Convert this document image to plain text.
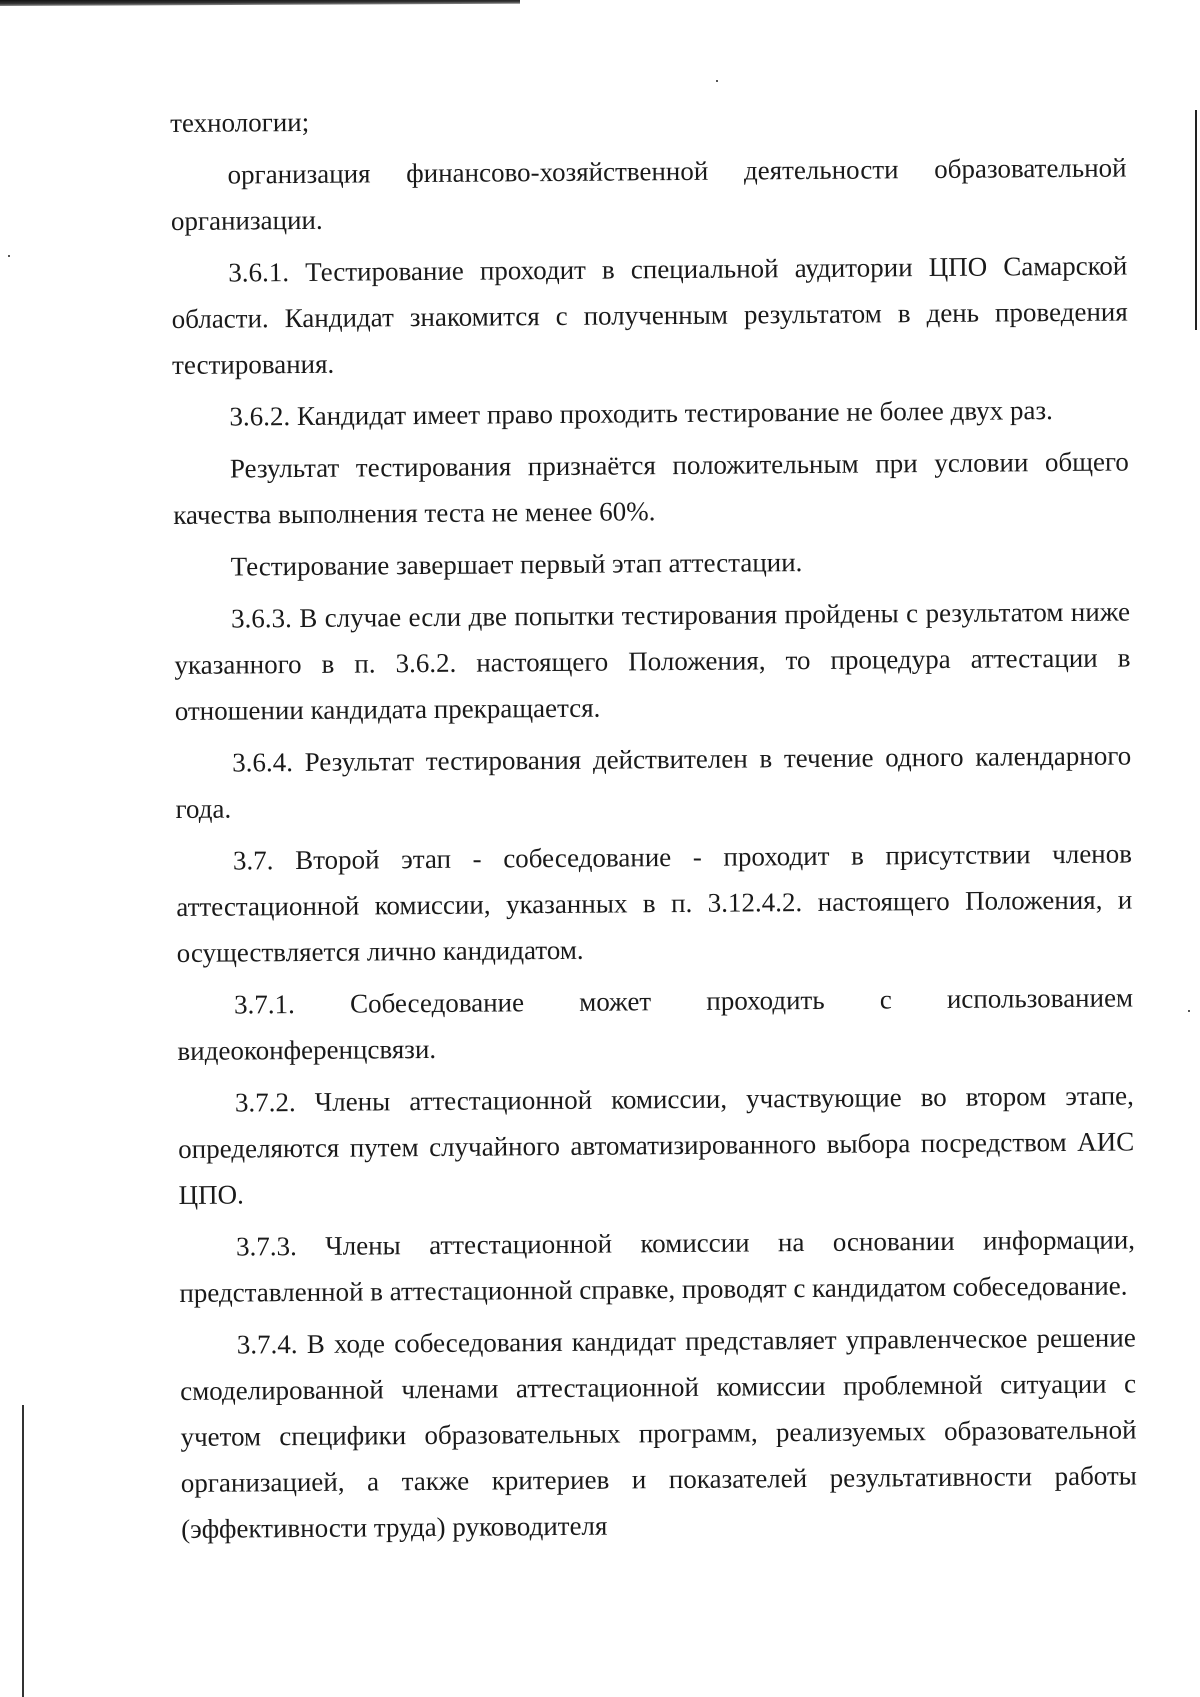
технологии;

организация финансово-хозяйственной деятельности образовательной организации.

3.6.1. Тестирование проходит в специальной аудитории ЦПО Самарской области. Кандидат знакомится с полученным результатом в день проведения тестирования.

3.6.2. Кандидат имеет право проходить тестирование не более двух раз.

Результат тестирования признаётся положительным при условии общего качества выполнения теста не менее 60%.

Тестирование завершает первый этап аттестации.

3.6.3. В случае если две попытки тестирования пройдены с результатом ниже указанного в п. 3.6.2. настоящего Положения, то процедура аттестации в отношении кандидата прекращается.

3.6.4. Результат тестирования действителен в течение одного календарного года.

3.7. Второй этап - собеседование - проходит в присутствии членов аттестационной комиссии, указанных в п. 3.12.4.2. настоящего Положения, и осуществляется лично кандидатом.

3.7.1. Собеседование может проходить с использованием видеоконференцсвязи.

3.7.2. Члены аттестационной комиссии, участвующие во втором этапе, определяются путем случайного автоматизированного выбора посредством АИС ЦПО.

3.7.3. Члены аттестационной комиссии на основании информации, представленной в аттестационной справке, проводят с кандидатом собеседование.

3.7.4. В ходе собеседования кандидат представляет управленческое решение смоделированной членами аттестационной комиссии проблемной ситуации с учетом специфики образовательных программ, реализуемых образовательной организацией, а также критериев и показателей результативности работы (эффективности труда) руководителя
